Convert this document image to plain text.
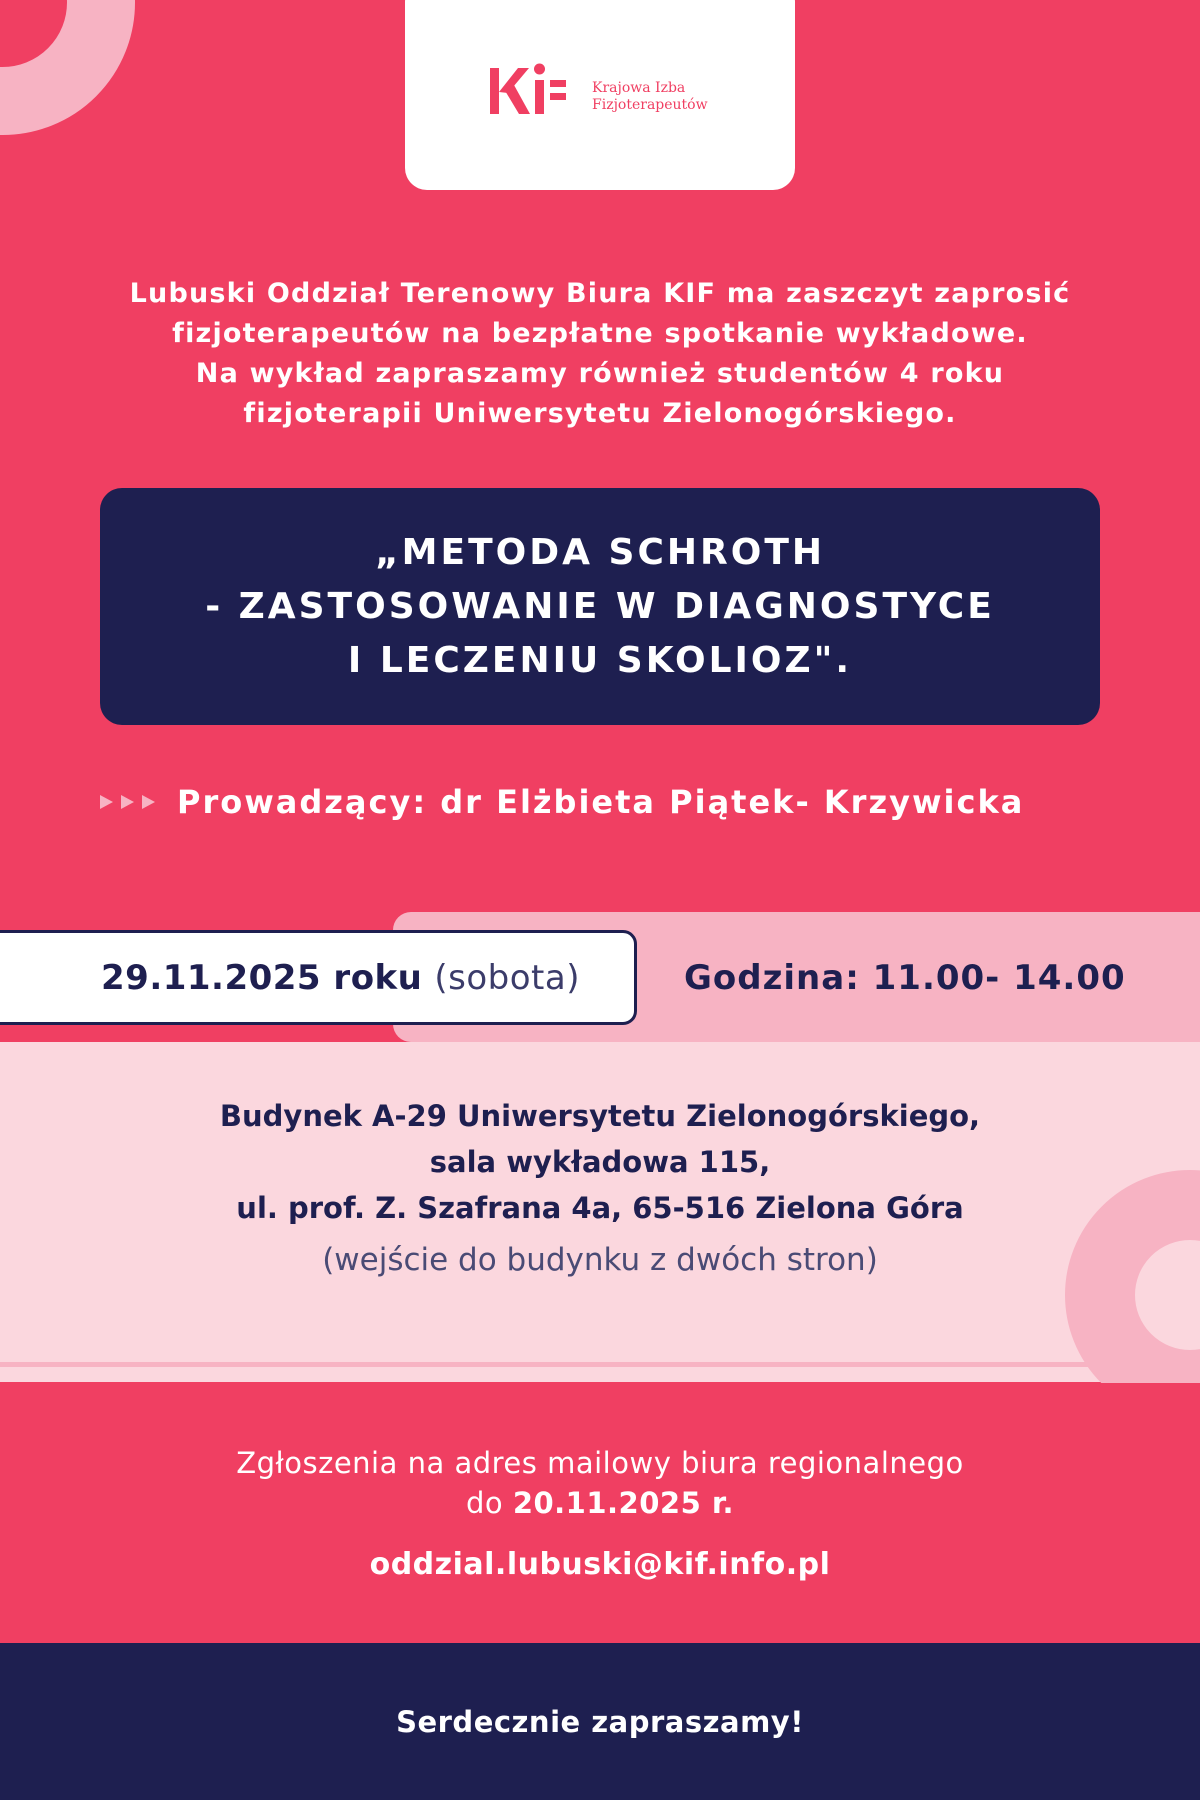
Krajowa Izba
Fizjoterapeutów
Lubuski Oddział Terenowy Biura KIF ma zaszczyt zaprosić
fizjoterapeutów na bezpłatne spotkanie wykładowe.
Na wykład zapraszamy również studentów 4 roku
fizjoterapii Uniwersytetu Zielonogórskiego.
„METODA SCHROTH
- ZASTOSOWANIE W DIAGNOSTYCE
I LECZENIU SKOLIOZ".
Prowadzący: dr Elżbieta Piątek- Krzywicka
29.11.2025 roku (sobota)	Godzina: 11.00- 14.00
Budynek A-29 Uniwersytetu Zielonogórskiego,
sala wykładowa 115,
ul. prof. Z. Szafrana 4a, 65-516 Zielona Góra
(wejście do budynku z dwóch stron)
Zgłoszenia na adres mailowy biura regionalnego
do 20.11.2025 r.
oddzial.lubuski@kif.info.pl
Serdecznie zapraszamy!
